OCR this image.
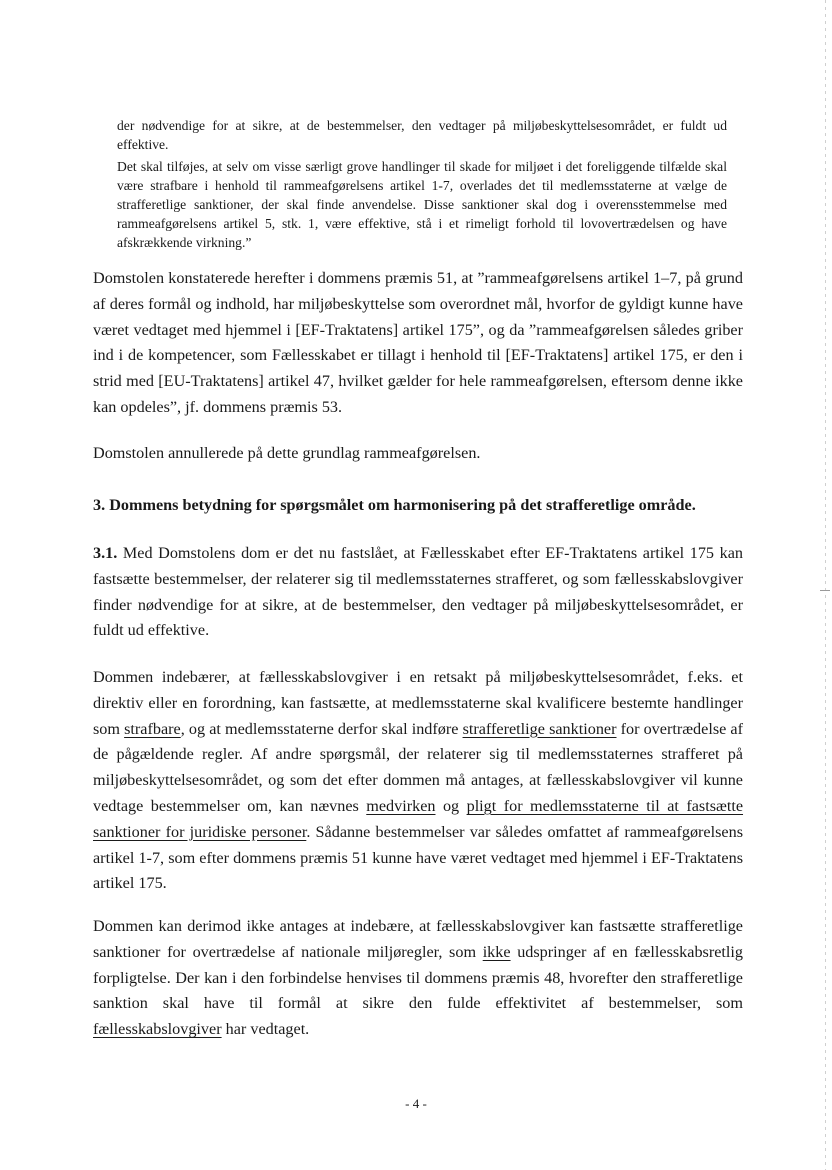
der nødvendige for at sikre, at de bestemmelser, den vedtager på miljøbeskyttelsesområdet, er fuldt ud effektive.

Det skal tilføjes, at selv om visse særligt grove handlinger til skade for miljøet i det foreliggende tilfælde skal være strafbare i henhold til rammeafgørelsens artikel 1-7, overlades det til medlemsstaterne at vælge de strafferetlige sanktioner, der skal finde anvendelse. Disse sanktioner skal dog i overensstemmelse med rammeafgørelsens artikel 5, stk. 1, være effektive, stå i et rimeligt forhold til lovovertrædelsen og have afskrækkende virkning.”

Domstolen konstaterede herefter i dommens præmis 51, at ”rammeafgørelsens artikel 1–7, på grund af deres formål og indhold, har miljøbeskyttelse som overordnet mål, hvorfor de gyldigt kunne have været vedtaget med hjemmel i [EF-Traktatens] artikel 175”, og da ”rammeafgørelsen således griber ind i de kompetencer, som Fællesskabet er tillagt i henhold til [EF-Traktatens] artikel 175, er den i strid med [EU-Traktatens] artikel 47, hvilket gælder for hele rammeafgørelsen, eftersom denne ikke kan opdeles”, jf. dommens præmis 53.

Domstolen annullerede på dette grundlag rammeafgørelsen.

3. Dommens betydning for spørgsmålet om harmonisering på det strafferetlige område.

3.1. Med Domstolens dom er det nu fastslået, at Fællesskabet efter EF-Traktatens artikel 175 kan fastsætte bestemmelser, der relaterer sig til medlemsstaternes strafferet, og som fællesskabslovgiver finder nødvendige for at sikre, at de bestemmelser, den vedtager på miljøbeskyttelsesområdet, er fuldt ud effektive.

Dommen indebærer, at fællesskabslovgiver i en retsakt på miljøbeskyttelsesområdet, f.eks. et direktiv eller en forordning, kan fastsætte, at medlemsstaterne skal kvalificere bestemte handlinger som strafbare, og at medlemsstaterne derfor skal indføre strafferetlige sanktioner for overtrædelse af de pågældende regler. Af andre spørgsmål, der relaterer sig til medlemsstaternes strafferet på miljøbeskyttelsesområdet, og som det efter dommen må antages, at fællesskabslovgiver vil kunne vedtage bestemmelser om, kan nævnes medvirken og pligt for medlemsstaterne til at fastsætte sanktioner for juridiske personer. Sådanne bestemmelser var således omfattet af rammeafgørelsens artikel 1-7, som efter dommens præmis 51 kunne have været vedtaget med hjemmel i EF-Traktatens artikel 175.

Dommen kan derimod ikke antages at indebære, at fællesskabslovgiver kan fastsætte strafferetlige sanktioner for overtrædelse af nationale miljøregler, som ikke udspringer af en fællesskabsretlig forpligtelse. Der kan i den forbindelse henvises til dommens præmis 48, hvorefter den strafferetlige sanktion skal have til formål at sikre den fulde effektivitet af bestemmelser, som fællesskabslovgiver har vedtaget.

- 4 -
